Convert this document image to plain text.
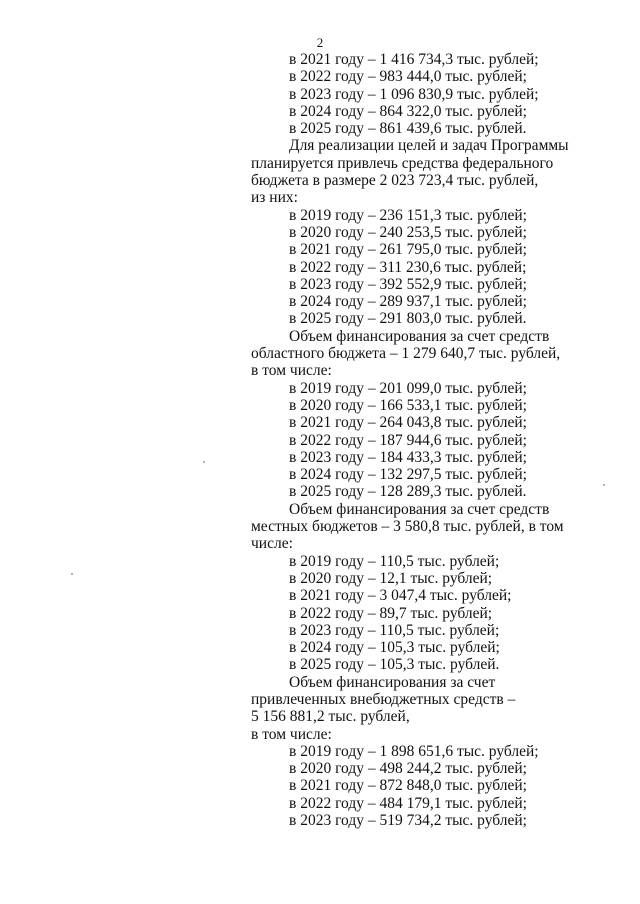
2
в 2021 году – 1 416 734,3 тыс. рублей;
в 2022 году – 983 444,0 тыс. рублей;
в 2023 году – 1 096 830,9 тыс. рублей;
в 2024 году – 864 322,0 тыс. рублей;
в 2025 году – 861 439,6 тыс. рублей.
Для реализации целей и задач Программы
планируется привлечь средства федерального
бюджета в размере 2 023 723,4 тыс. рублей,
из них:
в 2019 году – 236 151,3 тыс. рублей;
в 2020 году – 240 253,5 тыс. рублей;
в 2021 году – 261 795,0 тыс. рублей;
в 2022 году – 311 230,6 тыс. рублей;
в 2023 году – 392 552,9 тыс. рублей;
в 2024 году – 289 937,1 тыс. рублей;
в 2025 году – 291 803,0 тыс. рублей.
Объем финансирования за счет средств
областного бюджета – 1 279 640,7 тыс. рублей,
в том числе:
в 2019 году – 201 099,0 тыс. рублей;
в 2020 году – 166 533,1 тыс. рублей;
в 2021 году – 264 043,8 тыс. рублей;
в 2022 году – 187 944,6 тыс. рублей;
в 2023 году – 184 433,3 тыс. рублей;
в 2024 году – 132 297,5 тыс. рублей;
в 2025 году – 128 289,3 тыс. рублей.
Объем финансирования за счет средств
местных бюджетов – 3 580,8 тыс. рублей, в том
числе:
в 2019 году – 110,5 тыс. рублей;
в 2020 году – 12,1 тыс. рублей;
в 2021 году – 3 047,4 тыс. рублей;
в 2022 году – 89,7 тыс. рублей;
в 2023 году – 110,5 тыс. рублей;
в 2024 году – 105,3 тыс. рублей;
в 2025 году – 105,3 тыс. рублей.
Объем финансирования за счет
привлеченных внебюджетных средств –
5 156 881,2 тыс. рублей,
в том числе:
в 2019 году – 1 898 651,6 тыс. рублей;
в 2020 году – 498 244,2 тыс. рублей;
в 2021 году – 872 848,0 тыс. рублей;
в 2022 году – 484 179,1 тыс. рублей;
в 2023 году – 519 734,2 тыс. рублей;
